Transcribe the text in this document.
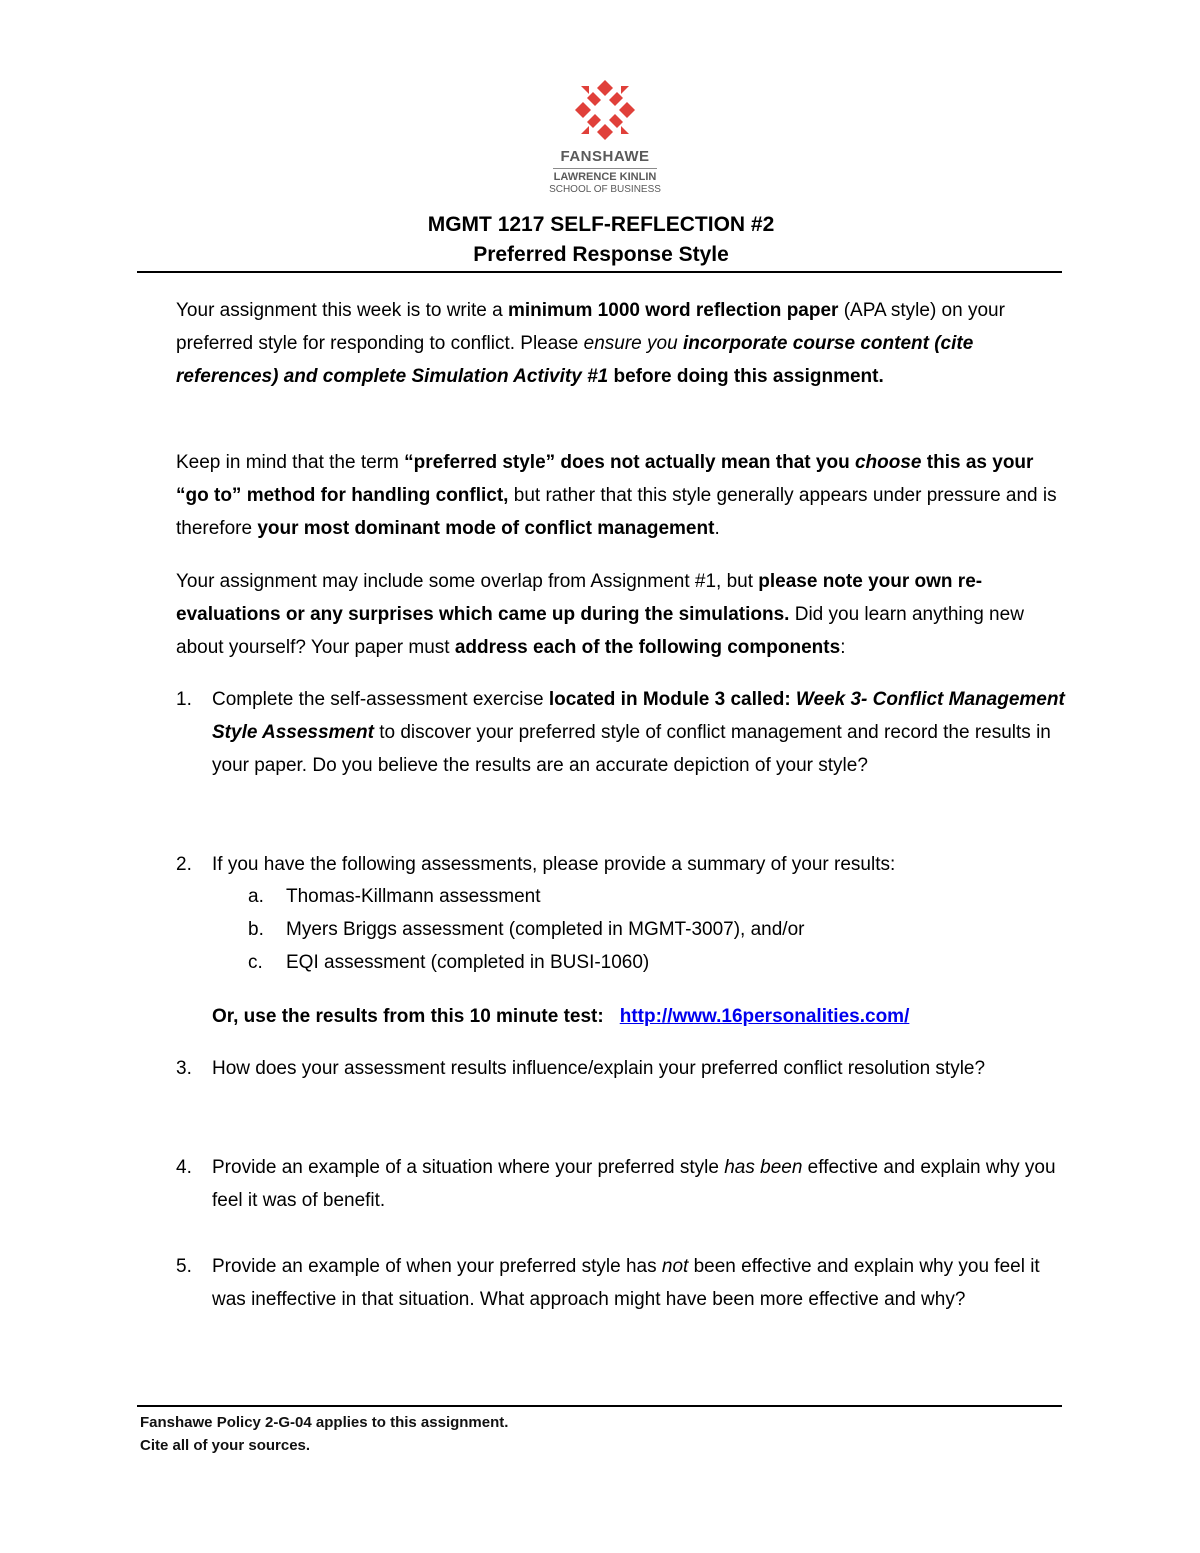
FANSHAWE
LAWRENCE KINLIN
SCHOOL OF BUSINESS
MGMT 1217 SELF-REFLECTION #2
Preferred Response Style

Your assignment this week is to write a minimum 1000 word reflection paper (APA style) on your preferred style for responding to conflict. Please ensure you incorporate course content (cite references) and complete Simulation Activity #1 before doing this assignment.

Keep in mind that the term “preferred style” does not actually mean that you choose this as your “go to” method for handling conflict, but rather that this style generally appears under pressure and is therefore your most dominant mode of conflict management.

Your assignment may include some overlap from Assignment #1, but please note your own re-evaluations or any surprises which came up during the simulations. Did you learn anything new about yourself? Your paper must address each of the following components:

1.	Complete the self-assessment exercise located in Module 3 called: Week 3- Conflict Management Style Assessment to discover your preferred style of conflict management and record the results in your paper. Do you believe the results are an accurate depiction of your style?
2.	If you have the following assessments, please provide a summary of your results:
a.	Thomas-Killmann assessment
b.	Myers Briggs assessment (completed in MGMT-3007), and/or
c.	EQI assessment (completed in BUSI-1060)
Or, use the results from this 10 minute test: http://www.16personalities.com/
3.	How does your assessment results influence/explain your preferred conflict resolution style?
4.	Provide an example of a situation where your preferred style has been effective and explain why you feel it was of benefit.
5.	Provide an example of when your preferred style has not been effective and explain why you feel it was ineffective in that situation. What approach might have been more effective and why?
Fanshawe Policy 2-G-04 applies to this assignment.
Cite all of your sources.
